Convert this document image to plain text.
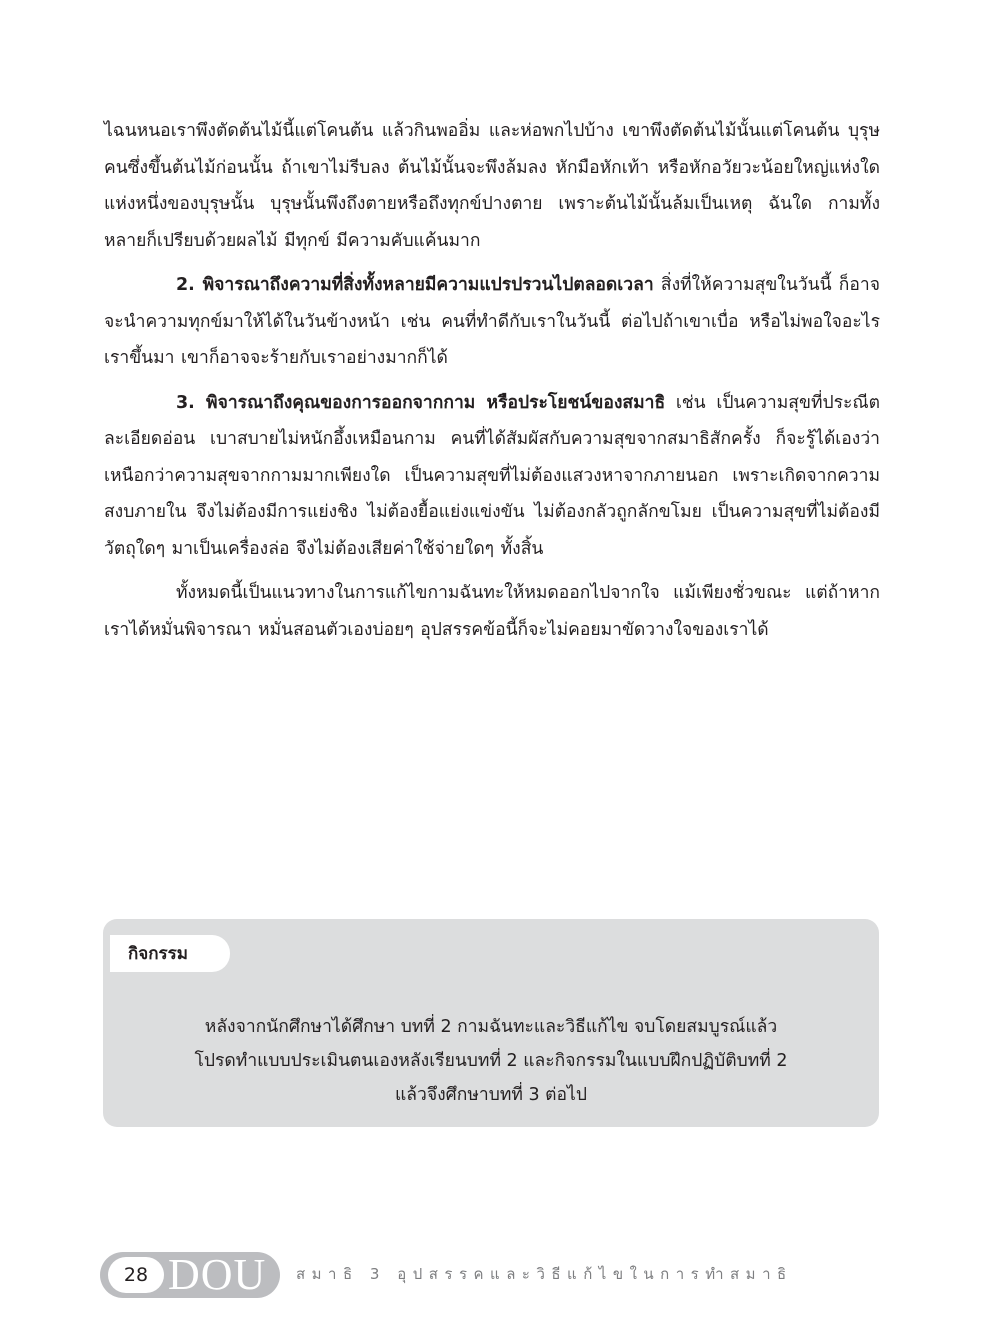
ไฉนหนอเราพึงตัดต้นไม้นี้แต่โคนต้น แล้วกินพออิ่ม และห่อพกไปบ้าง เขาพึงตัดต้นไม้นั้นแต่โคนต้น บุรุษคนซึ่งขึ้นต้นไม้ก่อนนั้น ถ้าเขาไม่รีบลง ต้นไม้นั้นจะพึงล้มลง หักมือหักเท้า หรือหักอวัยวะน้อยใหญ่แห่งใดแห่งหนึ่งของบุรุษนั้น บุรุษนั้นพึงถึงตายหรือถึงทุกข์ปางตาย เพราะต้นไม้นั้นล้มเป็นเหตุ ฉันใด กามทั้งหลายก็เปรียบด้วยผลไม้ มีทุกข์ มีความคับแค้นมาก

2. พิจารณาถึงความที่สิ่งทั้งหลายมีความแปรปรวนไปตลอดเวลา สิ่งที่ให้ความสุขในวันนี้ ก็อาจจะนำความทุกข์มาให้ได้ในวันข้างหน้า เช่น คนที่ทำดีกับเราในวันนี้ ต่อไปถ้าเขาเบื่อ หรือไม่พอใจอะไรเราขึ้นมา เขาก็อาจจะร้ายกับเราอย่างมากก็ได้

3. พิจารณาถึงคุณของการออกจากกาม หรือประโยชน์ของสมาธิ เช่น เป็นความสุขที่ประณีตละเอียดอ่อน เบาสบายไม่หนักอึ้งเหมือนกาม คนที่ได้สัมผัสกับความสุขจากสมาธิสักครั้ง ก็จะรู้ได้เองว่าเหนือกว่าความสุขจากกามมากเพียงใด เป็นความสุขที่ไม่ต้องแสวงหาจากภายนอก เพราะเกิดจากความสงบภายใน จึงไม่ต้องมีการแย่งชิง ไม่ต้องยื้อแย่งแข่งขัน ไม่ต้องกลัวถูกลักขโมย เป็นความสุขที่ไม่ต้องมีวัตถุใดๆ มาเป็นเครื่องล่อ จึงไม่ต้องเสียค่าใช้จ่ายใดๆ ทั้งสิ้น

ทั้งหมดนี้เป็นแนวทางในการแก้ไขกามฉันทะให้หมดออกไปจากใจ แม้เพียงชั่วขณะ แต่ถ้าหากเราได้หมั่นพิจารณา หมั่นสอนตัวเองบ่อยๆ อุปสรรคข้อนี้ก็จะไม่คอยมาขัดวางใจของเราได้

กิจกรรม
หลังจากนักศึกษาได้ศึกษา บทที่ 2 กามฉันทะและวิธีแก้ไข จบโดยสมบูรณ์แล้ว
โปรดทำแบบประเมินตนเองหลังเรียนบทที่ 2 และกิจกรรมในแบบฝึกปฏิบัติบทที่ 2
แล้วจึงศึกษาบทที่ 3 ต่อไป
28 DOU	สมาธิ 3 อุปสรรคและวิธีแก้ไขในการทำสมาธิ
